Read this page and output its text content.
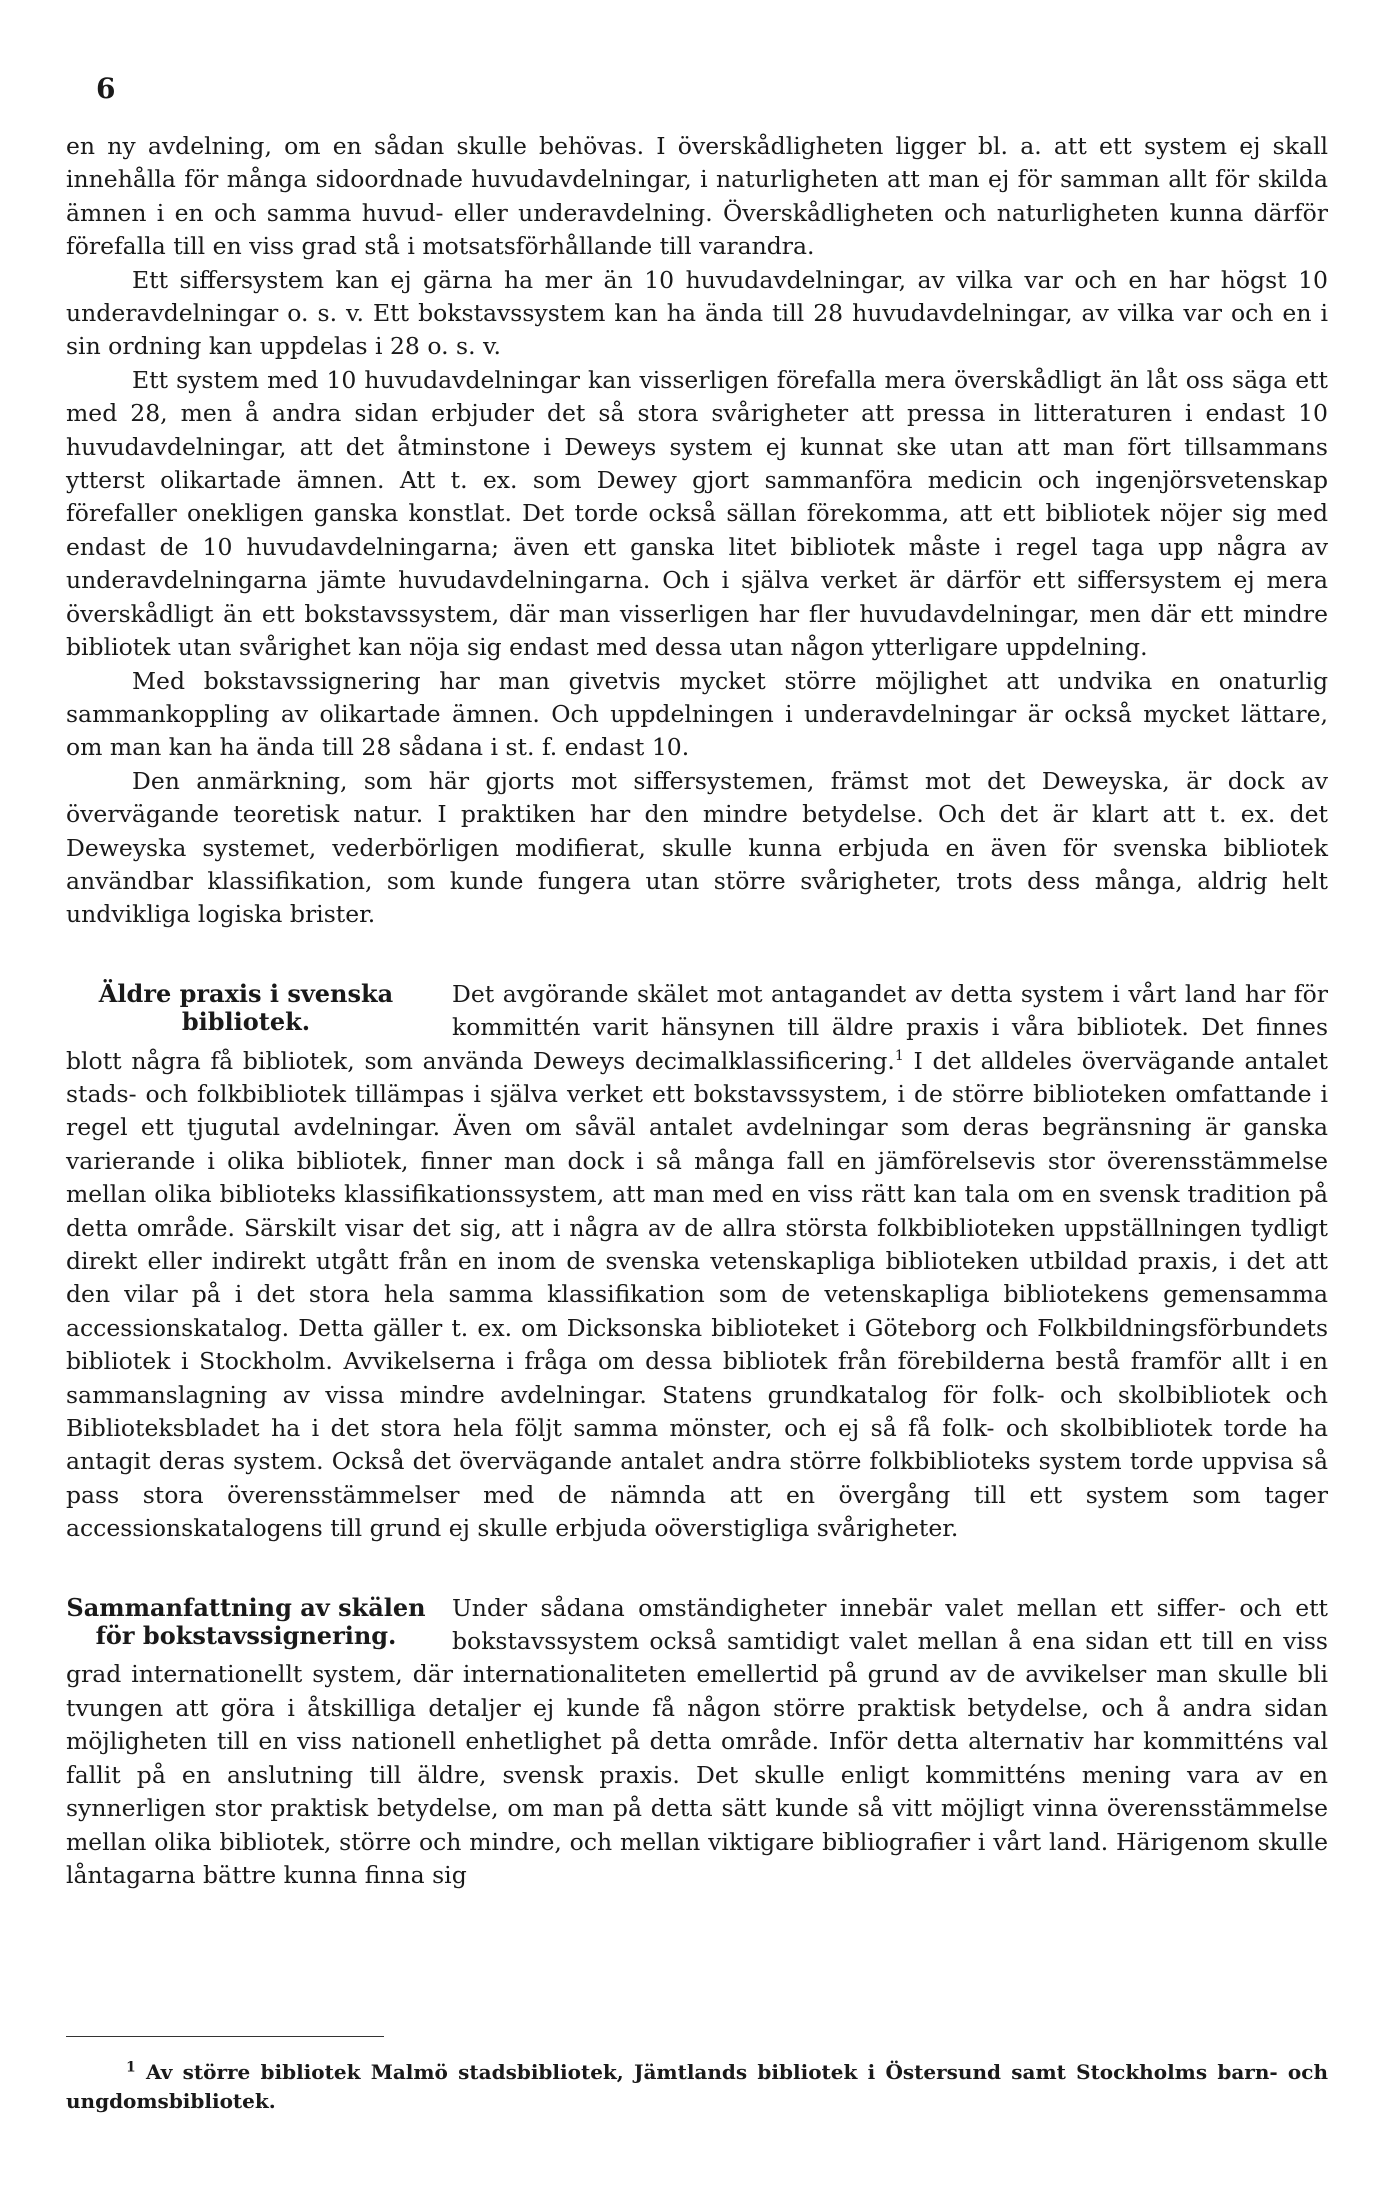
6

en ny avdelning, om en sådan skulle behövas. I överskådligheten ligger bl. a. att ett system ej skall innehålla för många sidoordnade huvudavdelningar, i naturligheten att man ej för samman allt för skilda ämnen i en och samma huvud- eller underavdelning. Överskådligheten och naturligheten kunna därför förefalla till en viss grad stå i motsatsförhållande till varandra.

Ett siffersystem kan ej gärna ha mer än 10 huvudavdelningar, av vilka var och en har högst 10 underavdelningar o. s. v. Ett bokstavssystem kan ha ända till 28 huvudavdelningar, av vilka var och en i sin ordning kan uppdelas i 28 o. s. v.

Ett system med 10 huvudavdelningar kan visserligen förefalla mera överskådligt än låt oss säga ett med 28, men å andra sidan erbjuder det så stora svårigheter att pressa in litteraturen i endast 10 huvudavdelningar, att det åtminstone i Deweys system ej kunnat ske utan att man fört tillsammans ytterst olikartade ämnen. Att t. ex. som Dewey gjort sammanföra medicin och ingenjörsvetenskap förefaller onekligen ganska konstlat. Det torde också sällan förekomma, att ett bibliotek nöjer sig med endast de 10 huvudavdelningarna; även ett ganska litet bibliotek måste i regel taga upp några av underavdelningarna jämte huvudavdelningarna. Och i själva verket är därför ett siffersystem ej mera överskådligt än ett bokstavssystem, där man visserligen har fler huvudavdelningar, men där ett mindre bibliotek utan svårighet kan nöja sig endast med dessa utan någon ytterligare uppdelning.

Med bokstavssignering har man givetvis mycket större möjlighet att undvika en onaturlig sammankoppling av olikartade ämnen. Och uppdelningen i underavdelningar är också mycket lättare, om man kan ha ända till 28 sådana i st. f. endast 10.

Den anmärkning, som här gjorts mot siffersystemen, främst mot det Deweyska, är dock av övervägande teoretisk natur. I praktiken har den mindre betydelse. Och det är klart att t. ex. det Deweyska systemet, vederbörligen modifierat, skulle kunna erbjuda en även för svenska bibliotek användbar klassifikation, som kunde fungera utan större svårigheter, trots dess många, aldrig helt undvikliga logiska brister.

Äldre praxis i svenska bibliotek.

Det avgörande skälet mot antagandet av detta system i vårt land har för kommittén varit hänsynen till äldre praxis i våra bibliotek. Det finnes blott några få bibliotek, som använda Deweys decimalklassificering.$^1$ I det alldeles övervägande antalet stads- och folkbibliotek tillämpas i själva verket ett bokstavssystem, i de större biblioteken omfattande i regel ett tjugutal avdelningar. Även om såväl antalet avdelningar som deras begränsning är ganska varierande i olika bibliotek, finner man dock i så många fall en jämförelsevis stor överensstämmelse mellan olika biblioteks klassifikationssystem, att man med en viss rätt kan tala om en svensk tradition på detta område. Särskilt visar det sig, att i några av de allra största folkbiblioteken uppställningen tydligt direkt eller indirekt utgått från en inom de svenska vetenskapliga biblioteken utbildad praxis, i det att den vilar på i det stora hela samma klassifikation som de vetenskapliga bibliotekens gemensamma accessionskatalog. Detta gäller t. ex. om Dicksonska biblioteket i Göteborg och Folkbildningsförbundets bibliotek i Stockholm. Avvikelserna i fråga om dessa bibliotek från förebilderna bestå framför allt i en sammanslagning av vissa mindre avdelningar. Statens grundkatalog för folk- och skolbibliotek och Biblioteksbladet ha i det stora hela följt samma mönster, och ej så få folk- och skolbibliotek torde ha antagit deras system. Också det övervägande antalet andra större folkbiblioteks system torde uppvisa så pass stora överensstämmelser med de nämnda att en övergång till ett system som tager accessionskatalogens till grund ej skulle erbjuda oöverstigliga svårigheter.

Sammanfattning av skälen för bokstavssignering.

Under sådana omständigheter innebär valet mellan ett siffer- och ett bokstavssystem också samtidigt valet mellan å ena sidan ett till en viss grad internationellt system, där internationaliteten emellertid på grund av de avvikelser man skulle bli tvungen att göra i åtskilliga detaljer ej kunde få någon större praktisk betydelse, och å andra sidan möjligheten till en viss nationell enhetlighet på detta område. Inför detta alternativ har kommitténs val fallit på en anslutning till äldre, svensk praxis. Det skulle enligt kommitténs mening vara av en synnerligen stor praktisk betydelse, om man på detta sätt kunde så vitt möjligt vinna överensstämmelse mellan olika bibliotek, större och mindre, och mellan viktigare bibliografier i vårt land. Härigenom skulle låntagarna bättre kunna finna sig

$^1$ Av större bibliotek Malmö stadsbibliotek, Jämtlands bibliotek i Östersund samt Stockholms barn- och ungdomsbibliotek.
